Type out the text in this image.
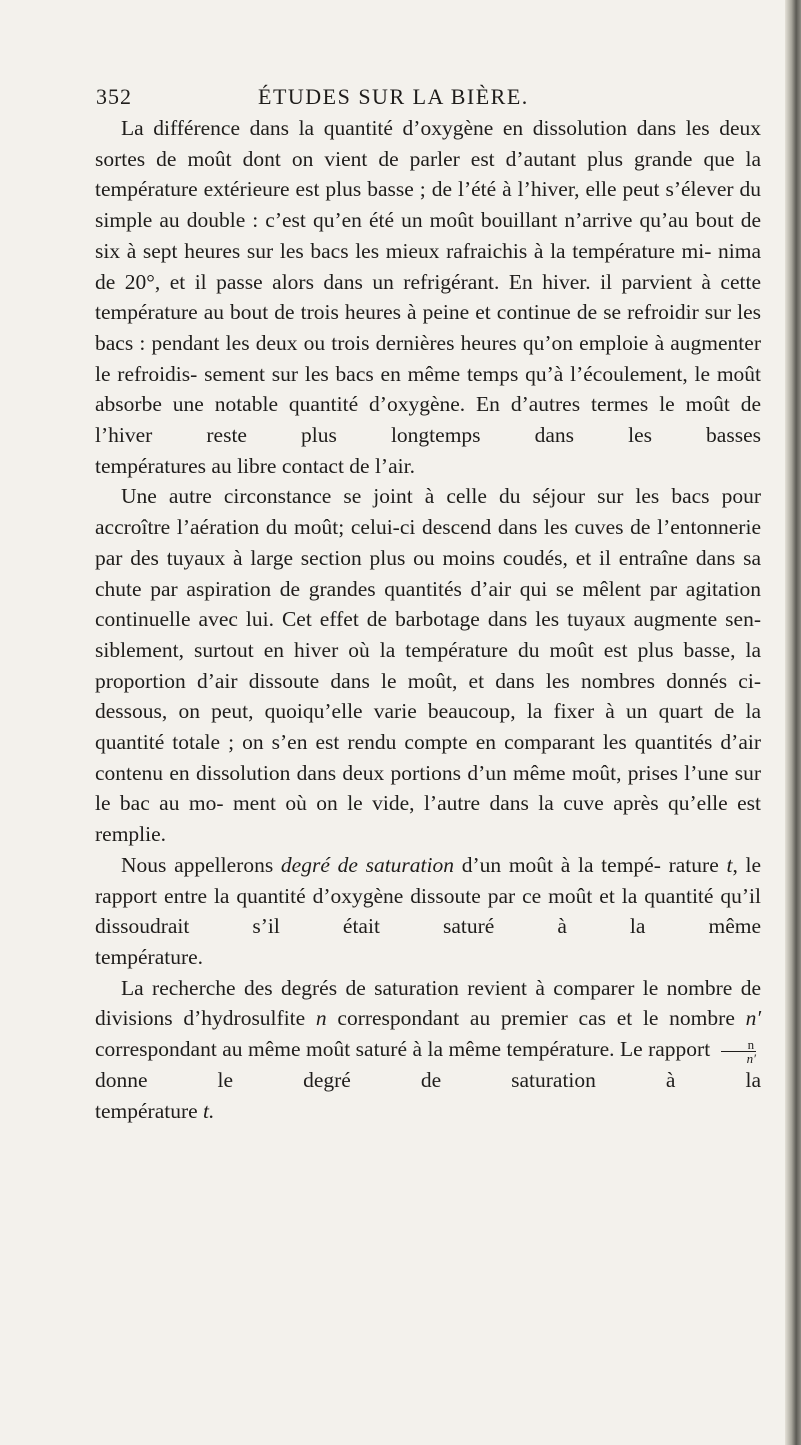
352	ÉTUDES SUR LA BIÈRE.

La différence dans la quantité d’oxygène en dissolution dans les deux sortes de moût dont on vient de parler est d’autant plus grande que la température extérieure est plus basse ; de l’été à l’hiver, elle peut s’élever du simple au double : c’est qu’en été un moût bouillant n’arrive qu’au bout de six à sept heures sur les bacs les mieux rafraichis à la température mi- nima de 20°, et il passe alors dans un refrigérant. En hiver. il parvient à cette température au bout de trois heures à peine et continue de se refroidir sur les bacs : pendant les deux ou trois dernières heures qu’on emploie à augmenter le refroidis- sement sur les bacs en même temps qu’à l’écoulement, le moût absorbe une notable quantité d’oxygène. En d’autres termes le moût de l’hiver reste plus longtemps dans les basses

températures au libre contact de l’air.

Une autre circonstance se joint à celle du séjour sur les bacs pour accroître l’aération du moût; celui-ci descend dans les cuves de l’entonnerie par des tuyaux à large section plus ou moins coudés, et il entraîne dans sa chute par aspiration de grandes quantités d’air qui se mêlent par agitation continuelle avec lui. Cet effet de barbotage dans les tuyaux augmente sen- siblement, surtout en hiver où la température du moût est plus basse, la proportion d’air dissoute dans le moût, et dans les nombres donnés ci-dessous, on peut, quoiqu’elle varie beaucoup, la fixer à un quart de la quantité totale ; on s’en est rendu compte en comparant les quantités d’air contenu en dissolution dans deux portions d’un même moût, prises l’une sur le bac au mo- ment où on le vide, l’autre dans la cuve après qu’elle est remplie.

Nous appellerons degré de saturation d’un moût à la tempé- rature t, le rapport entre la quantité d’oxygène dissoute par ce moût et la quantité qu’il dissoudrait s’il était saturé à la même

température.

La recherche des degrés de saturation revient à comparer le nombre de divisions d’hydrosulfite n correspondant au premier cas et le nombre n′ correspondant au même moût saturé à la même température. Le rapport $\frac{n}{n'}$
donne le degré de saturation à la

température t.
